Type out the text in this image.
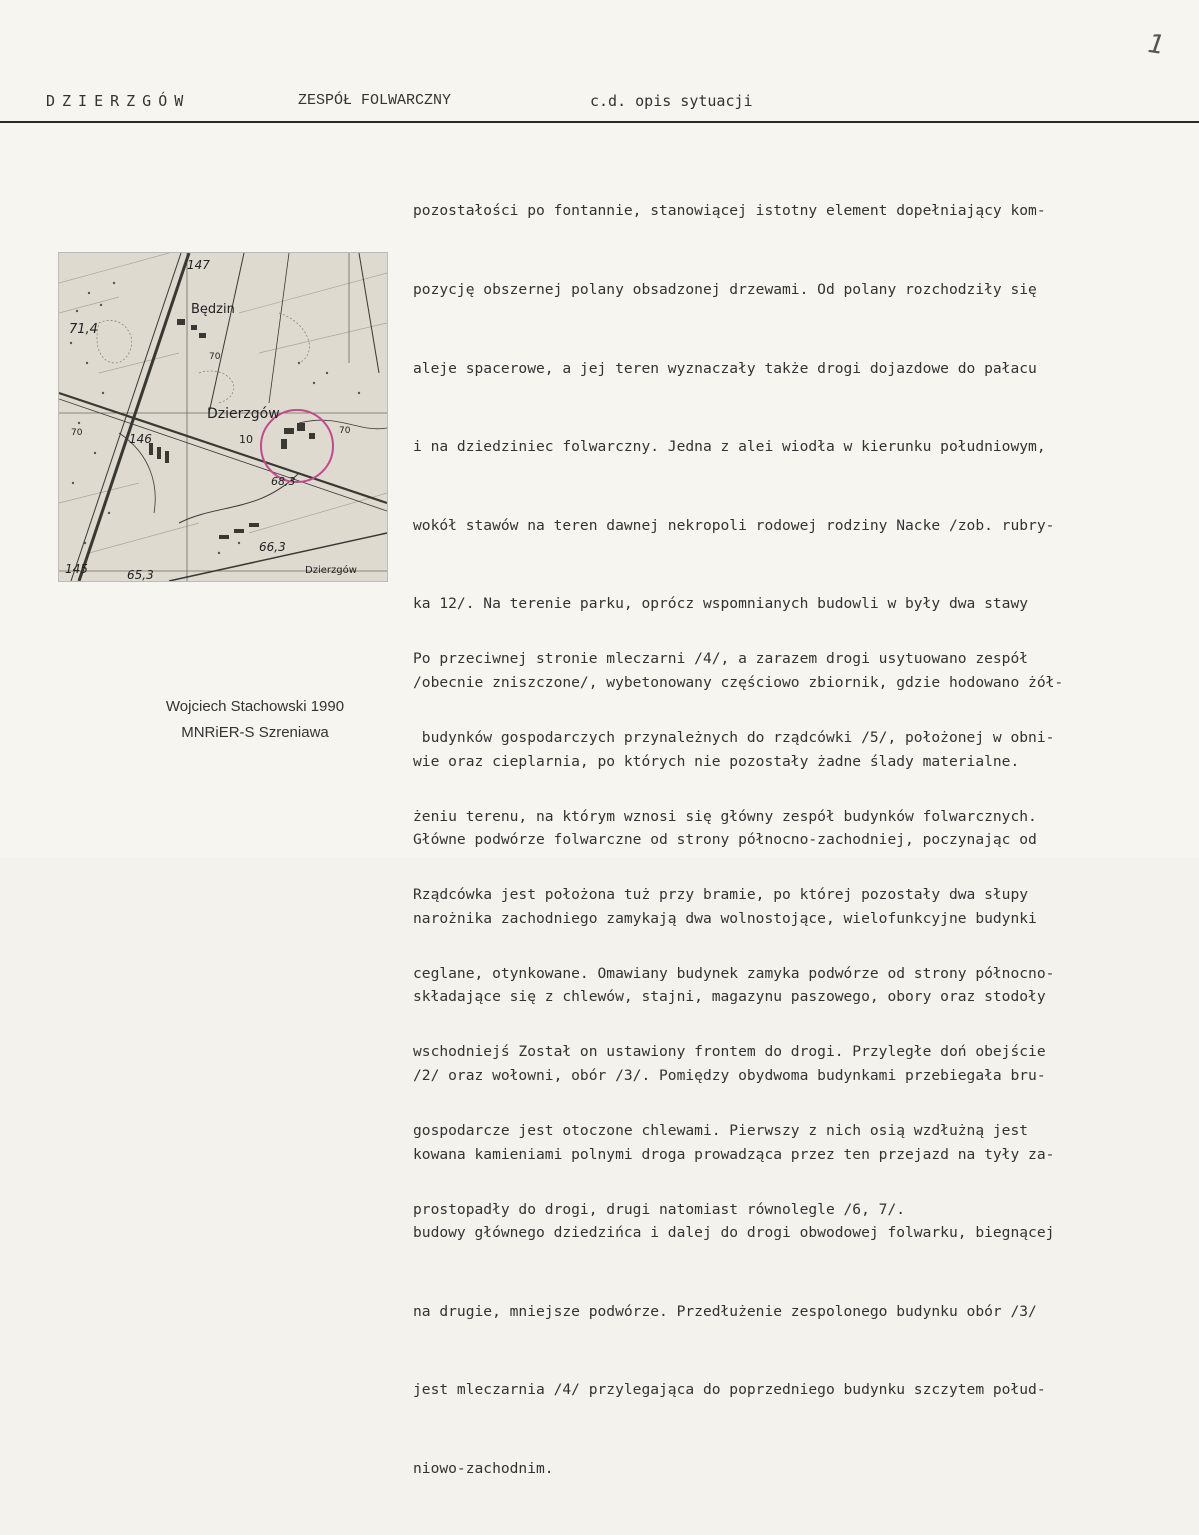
1
DZIERZGÓW	ZESPÓŁ FOLWARCZNY	c.d. opis sytuacji
147
71,4
Będzin
Dzierzgów
10
146
68,3
66,3
65,3
145	Dzierzgów
70
70
70
Wojciech Stachowski 1990
MNRiER-S Szreniawa

pozostałości po fontannie, stanowiącej istotny element dopełniający kom-

pozycję obszernej polany obsadzonej drzewami. Od polany rozchodziły się

aleje spacerowe, a jej teren wyznaczały także drogi dojazdowe do pałacu

i na dziedziniec folwarczny. Jedna z alei wiodła w kierunku południowym,

wokół stawów na teren dawnej nekropoli rodowej rodziny Nacke /zob. rubry-

ka 12/. Na terenie parku, oprócz wspomnianych budowli w były dwa stawy

/obecnie zniszczone/, wybetonowany częściowo zbiornik, gdzie hodowano żół-

wie oraz cieplarnia, po których nie pozostały żadne ślady materialne.

Główne podwórze folwarczne od strony północno-zachodniej, poczynając od

narożnika zachodniego zamykają dwa wolnostojące, wielofunkcyjne budynki

składające się z chlewów, stajni, magazynu paszowego, obory oraz stodoły

/2/ oraz wołowni, obór /3/. Pomiędzy obydwoma budynkami przebiegała bru-

kowana kamieniami polnymi droga prowadząca przez ten przejazd na tyły za-

budowy głównego dziedzińca i dalej do drogi obwodowej folwarku, biegnącej

na drugie, mniejsze podwórze. Przedłużenie zespolonego budynku obór /3/

jest mleczarnia /4/ przylegająca do poprzedniego budynku szczytem połud-

niowo-zachodnim.

Po przeciwnej stronie mleczarni /4/, a zarazem drogi usytuowano zespół

budynków gospodarczych przynależnych do rządcówki /5/, położonej w obni-

żeniu terenu, na którym wznosi się główny zespół budynków folwarcznych.

Rządcówka jest położona tuż przy bramie, po której pozostały dwa słupy

ceglane, otynkowane. Omawiany budynek zamyka podwórze od strony północno-

wschodniejś Został on ustawiony frontem do drogi. Przyległe doń obejście

gospodarcze jest otoczone chlewami. Pierwszy z nich osią wzdłużną jest

prostopadły do drogi, drugi natomiast równolegle /6, 7/.
